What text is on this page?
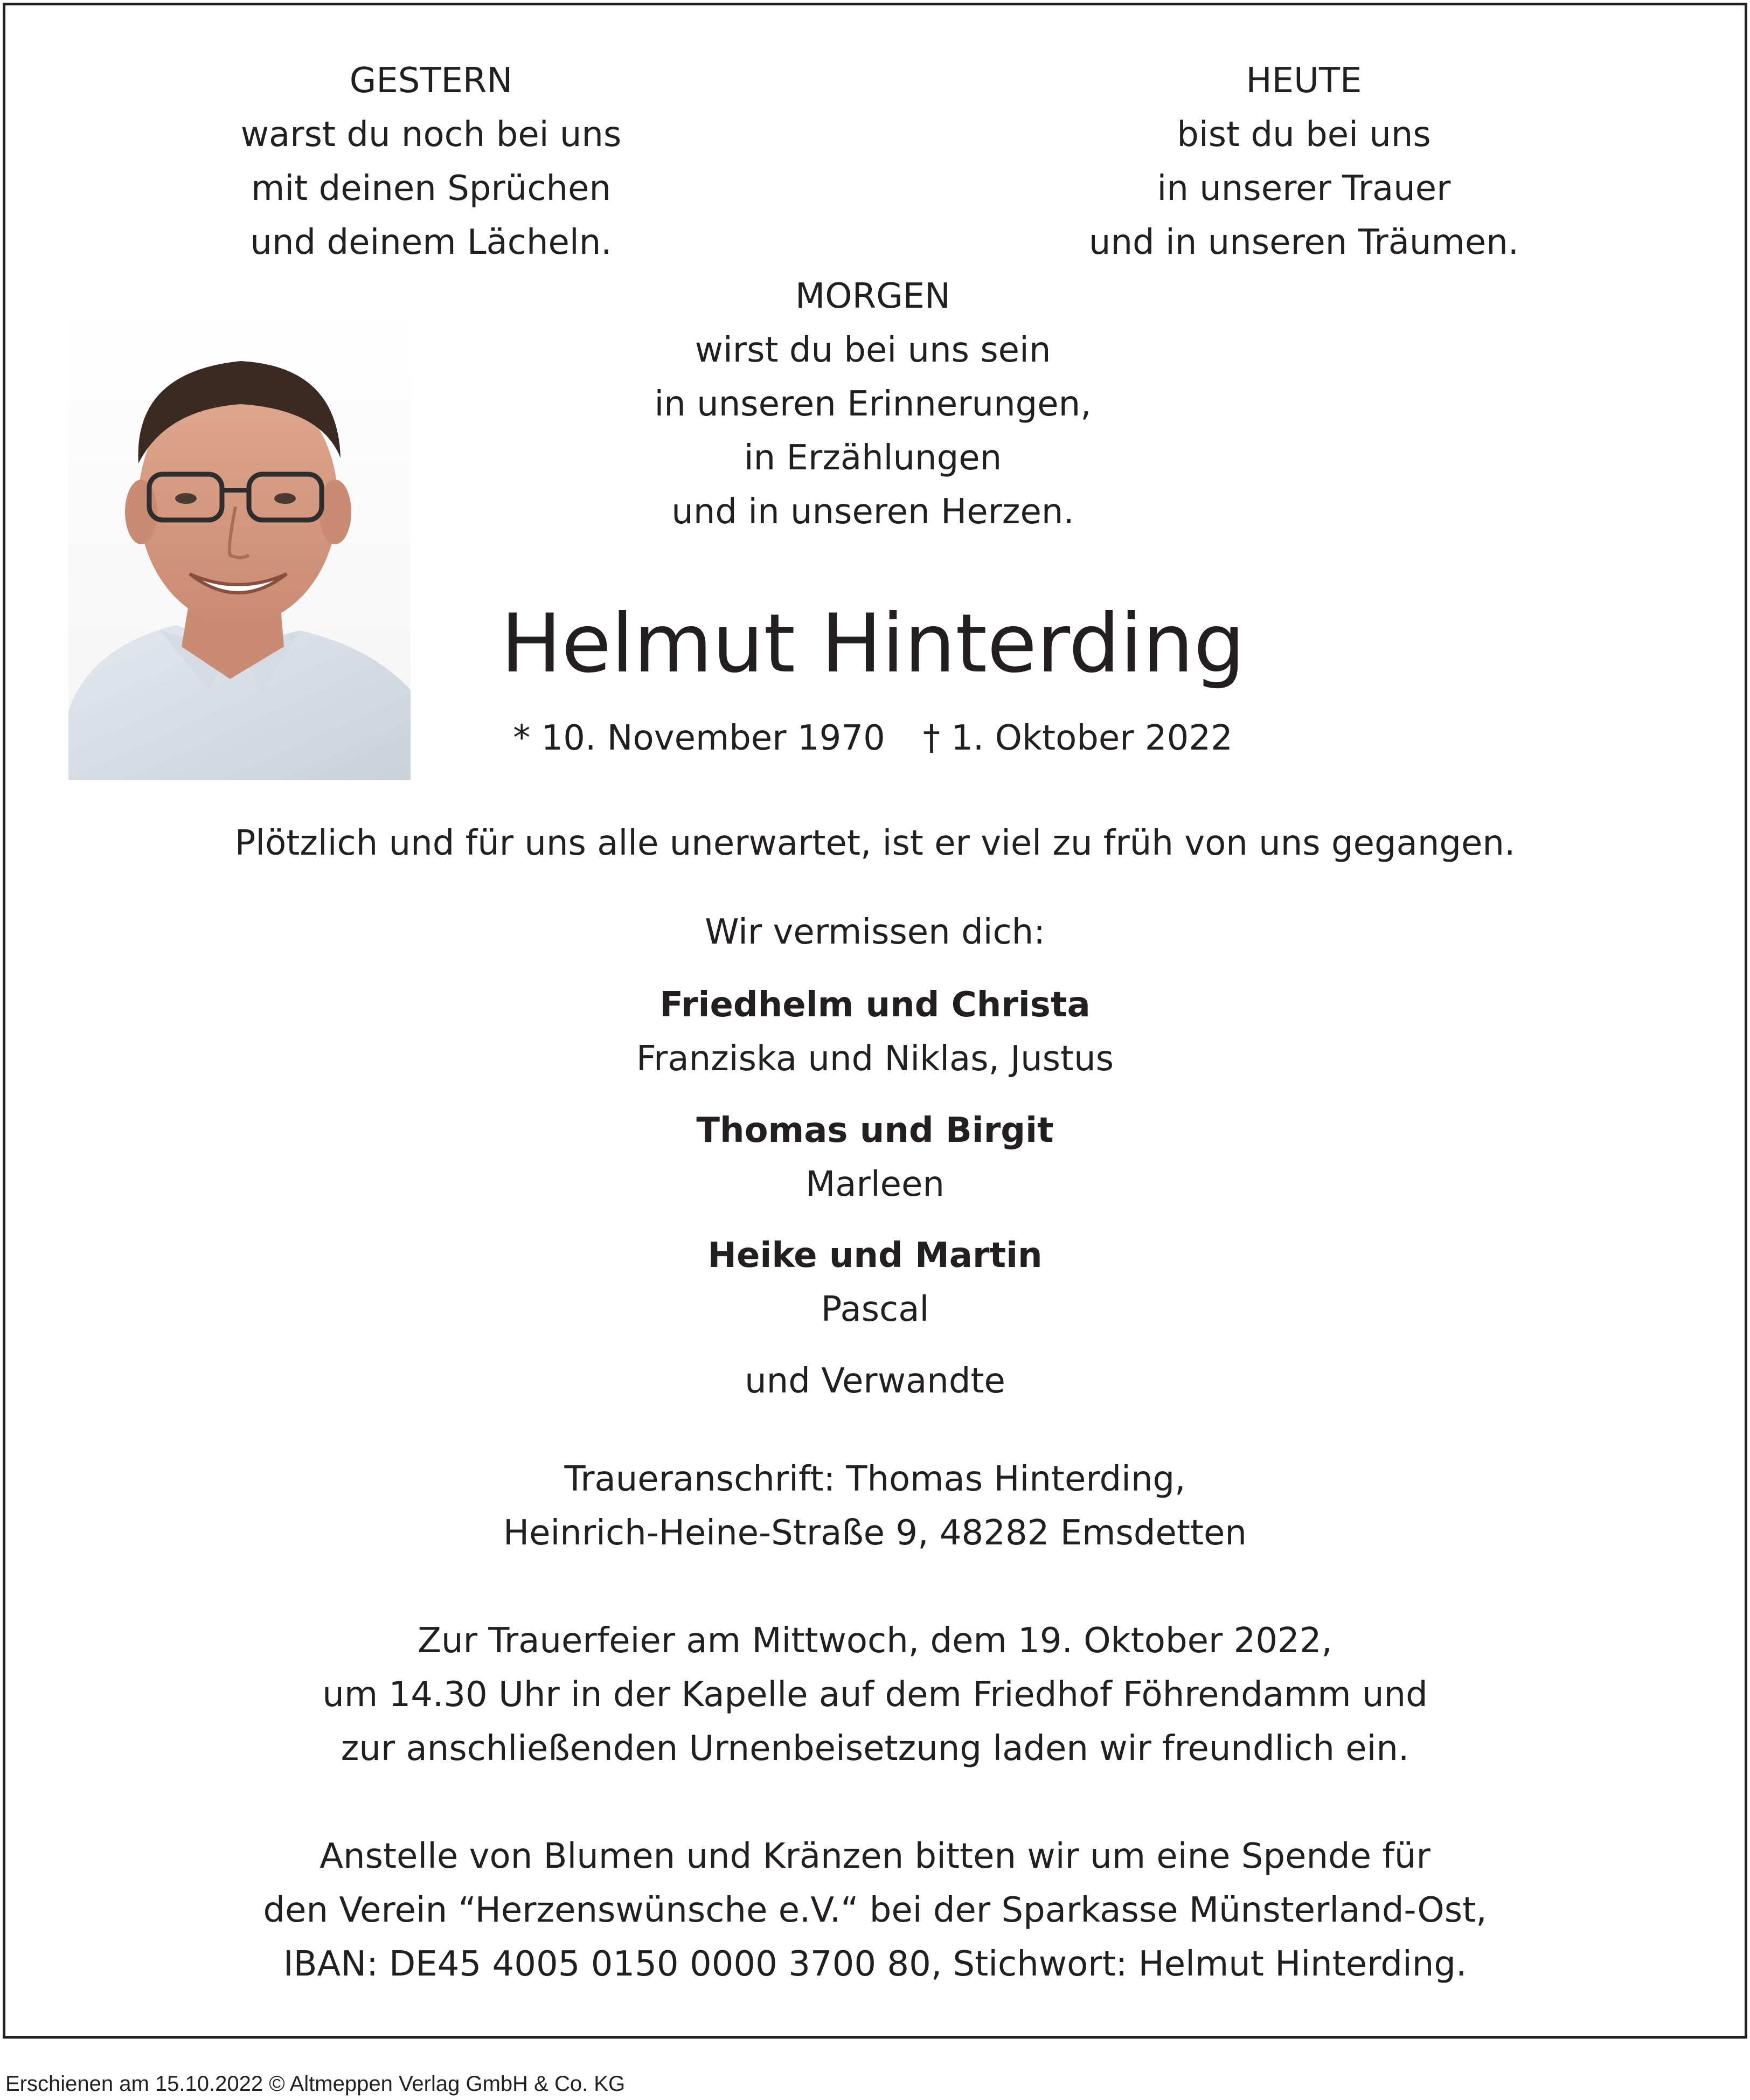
GESTERN
warst du noch bei uns
mit deinen Sprüchen
und deinem Lächeln.
HEUTE
bist du bei uns
in unserer Trauer
und in unseren Träumen.
MORGEN
wirst du bei uns sein
in unseren Erinnerungen,
in Erzählungen
und in unseren Herzen.
Helmut Hinterding
* 10. November 1970 † 1. Oktober 2022
Plötzlich und für uns alle unerwartet, ist er viel zu früh von uns gegangen.
Wir vermissen dich:
Friedhelm und Christa
Franziska und Niklas, Justus
Thomas und Birgit
Marleen
Heike und Martin
Pascal
und Verwandte
Traueranschrift: Thomas Hinterding,
Heinrich-Heine-Straße 9, 48282 Emsdetten
Zur Trauerfeier am Mittwoch, dem 19. Oktober 2022,
um 14.30 Uhr in der Kapelle auf dem Friedhof Föhrendamm und
zur anschließenden Urnenbeisetzung laden wir freundlich ein.
Anstelle von Blumen und Kränzen bitten wir um eine Spende für
den Verein “Herzenswünsche e.V.“ bei der Sparkasse Münsterland-Ost,
IBAN: DE45 4005 0150 0000 3700 80, Stichwort: Helmut Hinterding.
Erschienen am 15.10.2022 © Altmeppen Verlag GmbH & Co. KG
